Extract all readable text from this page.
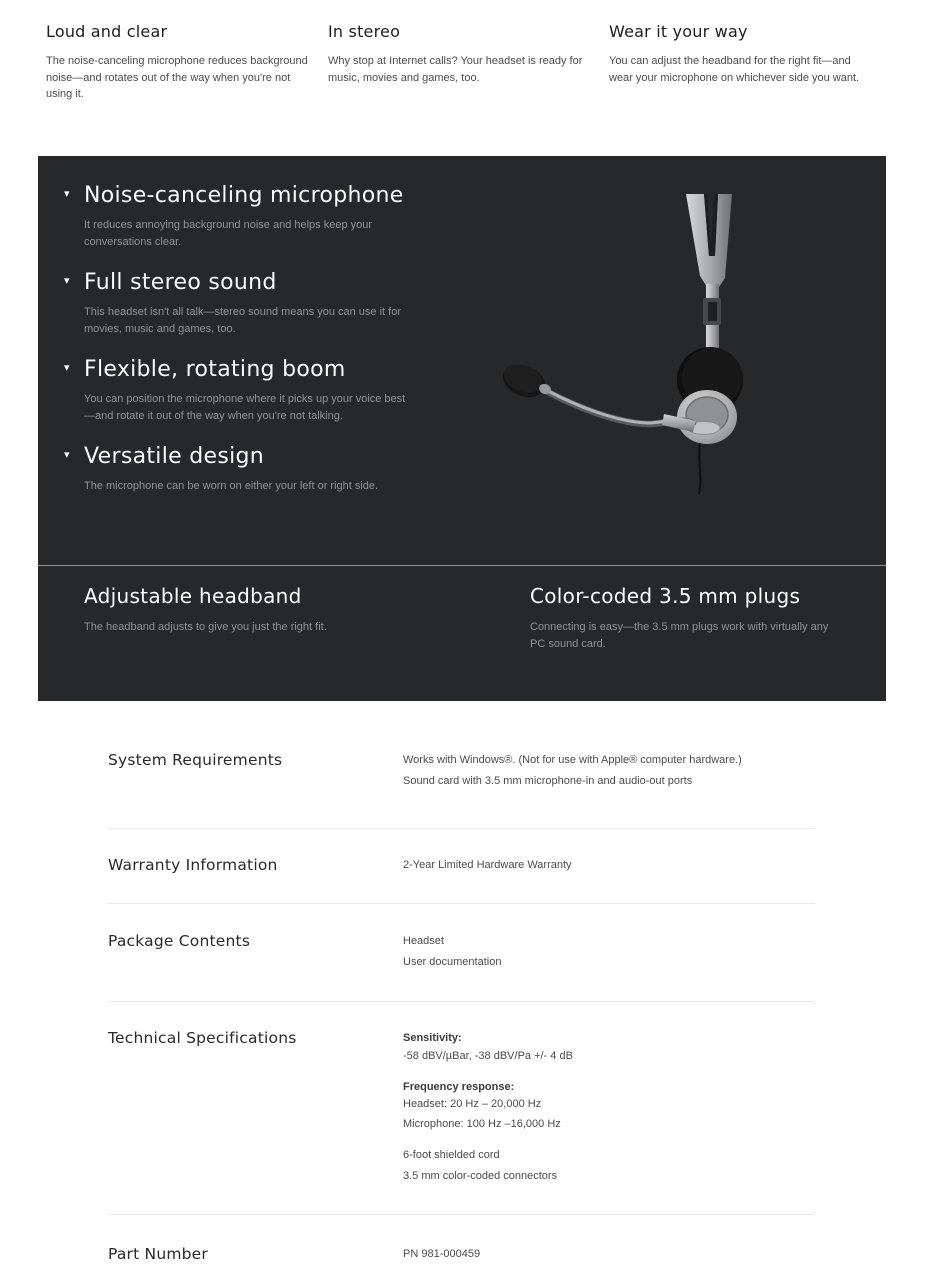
Loud and clear
The noise-canceling microphone reduces background noise—and rotates out of the way when you're not using it.
In stereo
Why stop at Internet calls? Your headset is ready for music, movies and games, too.
Wear it your way
You can adjust the headband for the right fit—and wear your microphone on whichever side you want.
▾ Noise-canceling microphone
It reduces annoying background noise and helps keep your conversations clear.
▾ Full stereo sound
This headset isn't all talk—stereo sound means you can use it for movies, music and games, too.
▾ Flexible, rotating boom
You can position the microphone where it picks up your voice best—and rotate it out of the way when you're not talking.
▾ Versatile design
The microphone can be worn on either your left or right side.
Adjustable headband
The headband adjusts to give you just the right fit.
Color-coded 3.5 mm plugs
Connecting is easy—the 3.5 mm plugs work with virtually any PC sound card.
System Requirements	Works with Windows®. (Not for use with Apple® computer hardware.)
Sound card with 3.5 mm microphone-in and audio-out ports
Warranty Information	2-Year Limited Hardware Warranty
Package Contents	Headset
User documentation
Technical Specifications	Sensitivity:
-58 dBV/µBar, -38 dBV/Pa +/- 4 dB
Frequency response:
Headset: 20 Hz – 20,000 Hz
Microphone: 100 Hz –16,000 Hz
6-foot shielded cord
3.5 mm color-coded connectors
Part Number	PN 981-000459
